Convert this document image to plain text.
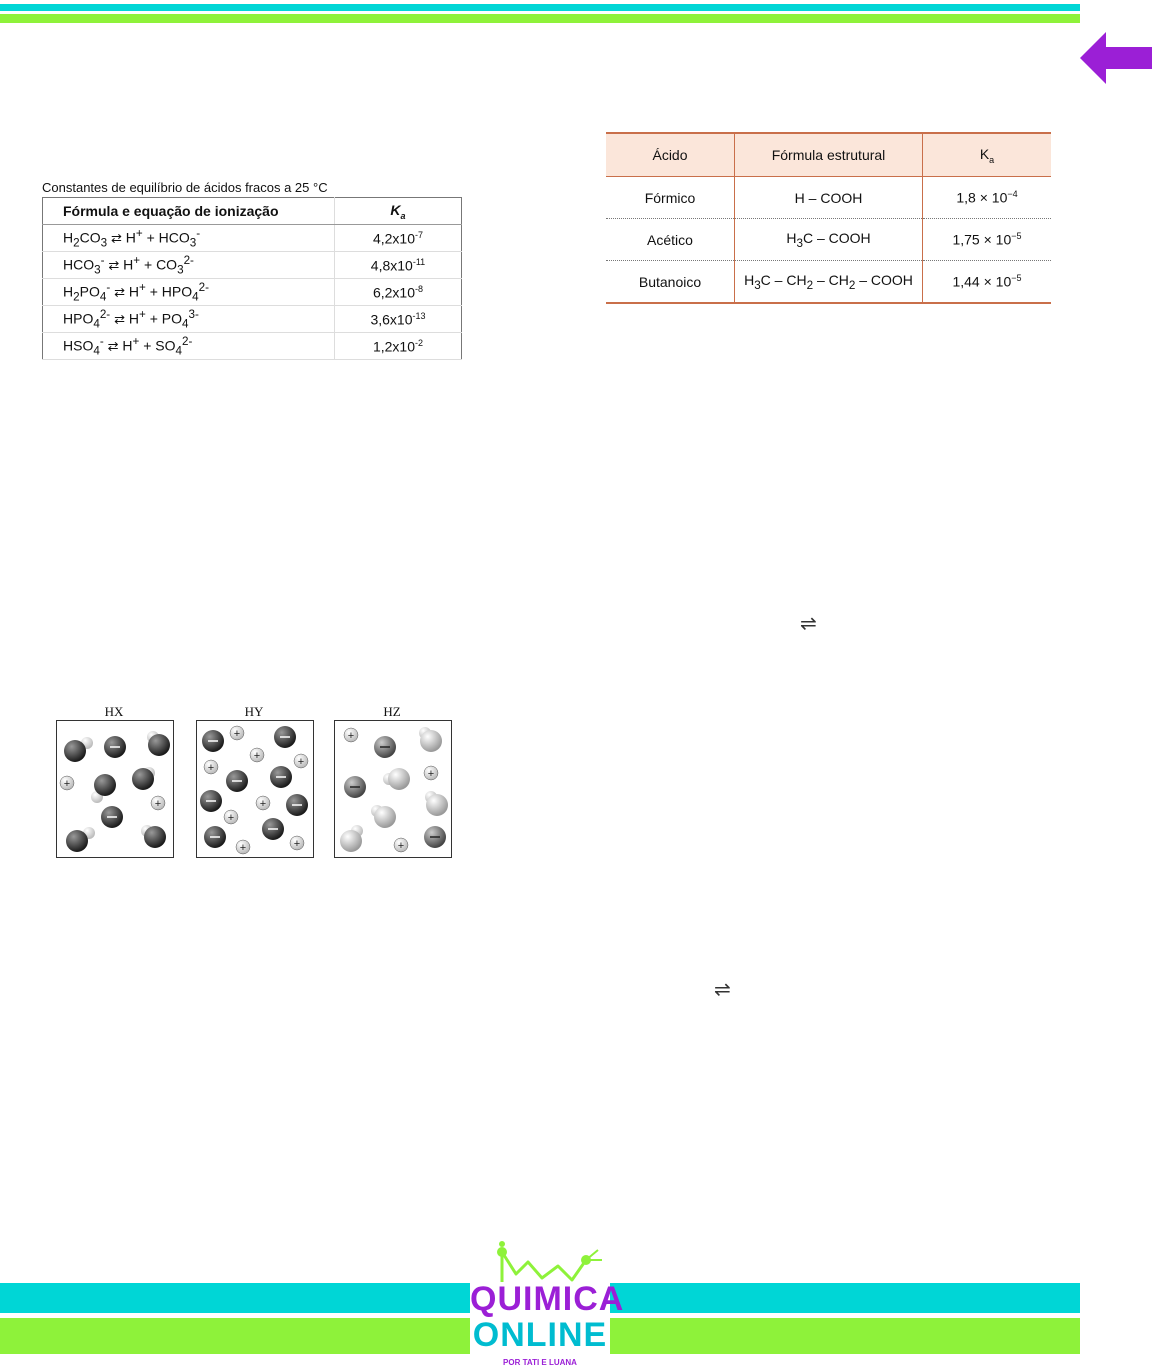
Constantes de equilíbrio de ácidos fracos a 25 °C
Fórmula e equação de ionização	$K_a$
$H_2CO_3$ ⇄ $H^+ + HCO_3^-$	$4,2x10^{-7}$
$HCO_3^-$ ⇄ $H^+ + CO_3^{2-}$	$4,8x10^{-11}$
$H_2PO_4^-$ ⇄ $H^+ + HPO_4^{2-}$	$6,2x10^{-8}$
$HPO_4^{2-}$ ⇄ $H^+ + PO_4^{3-}$	$3,6x10^{-13}$
$HSO_4^-$ ⇄ $H^+ + SO_4^{2-}$	$1,2x10^{-2}$
Ácido	Fórmula estrutural	$K_a$
Fórmico	H – COOH	$1,8 \times 10^{-4}$
Acético	$H_3C$ – COOH	$1,75 \times 10^{-5}$
Butanoico	$H_3C - CH_2 - CH_2$ – COOH	$1,44 \times 10^{-5}$
⇌
⇌
HX	HY	HZ
+
+
+
+
+	+
+
+
+	+
+
+
+
QUIMICA
ONLINE
POR TATI E LUANA
